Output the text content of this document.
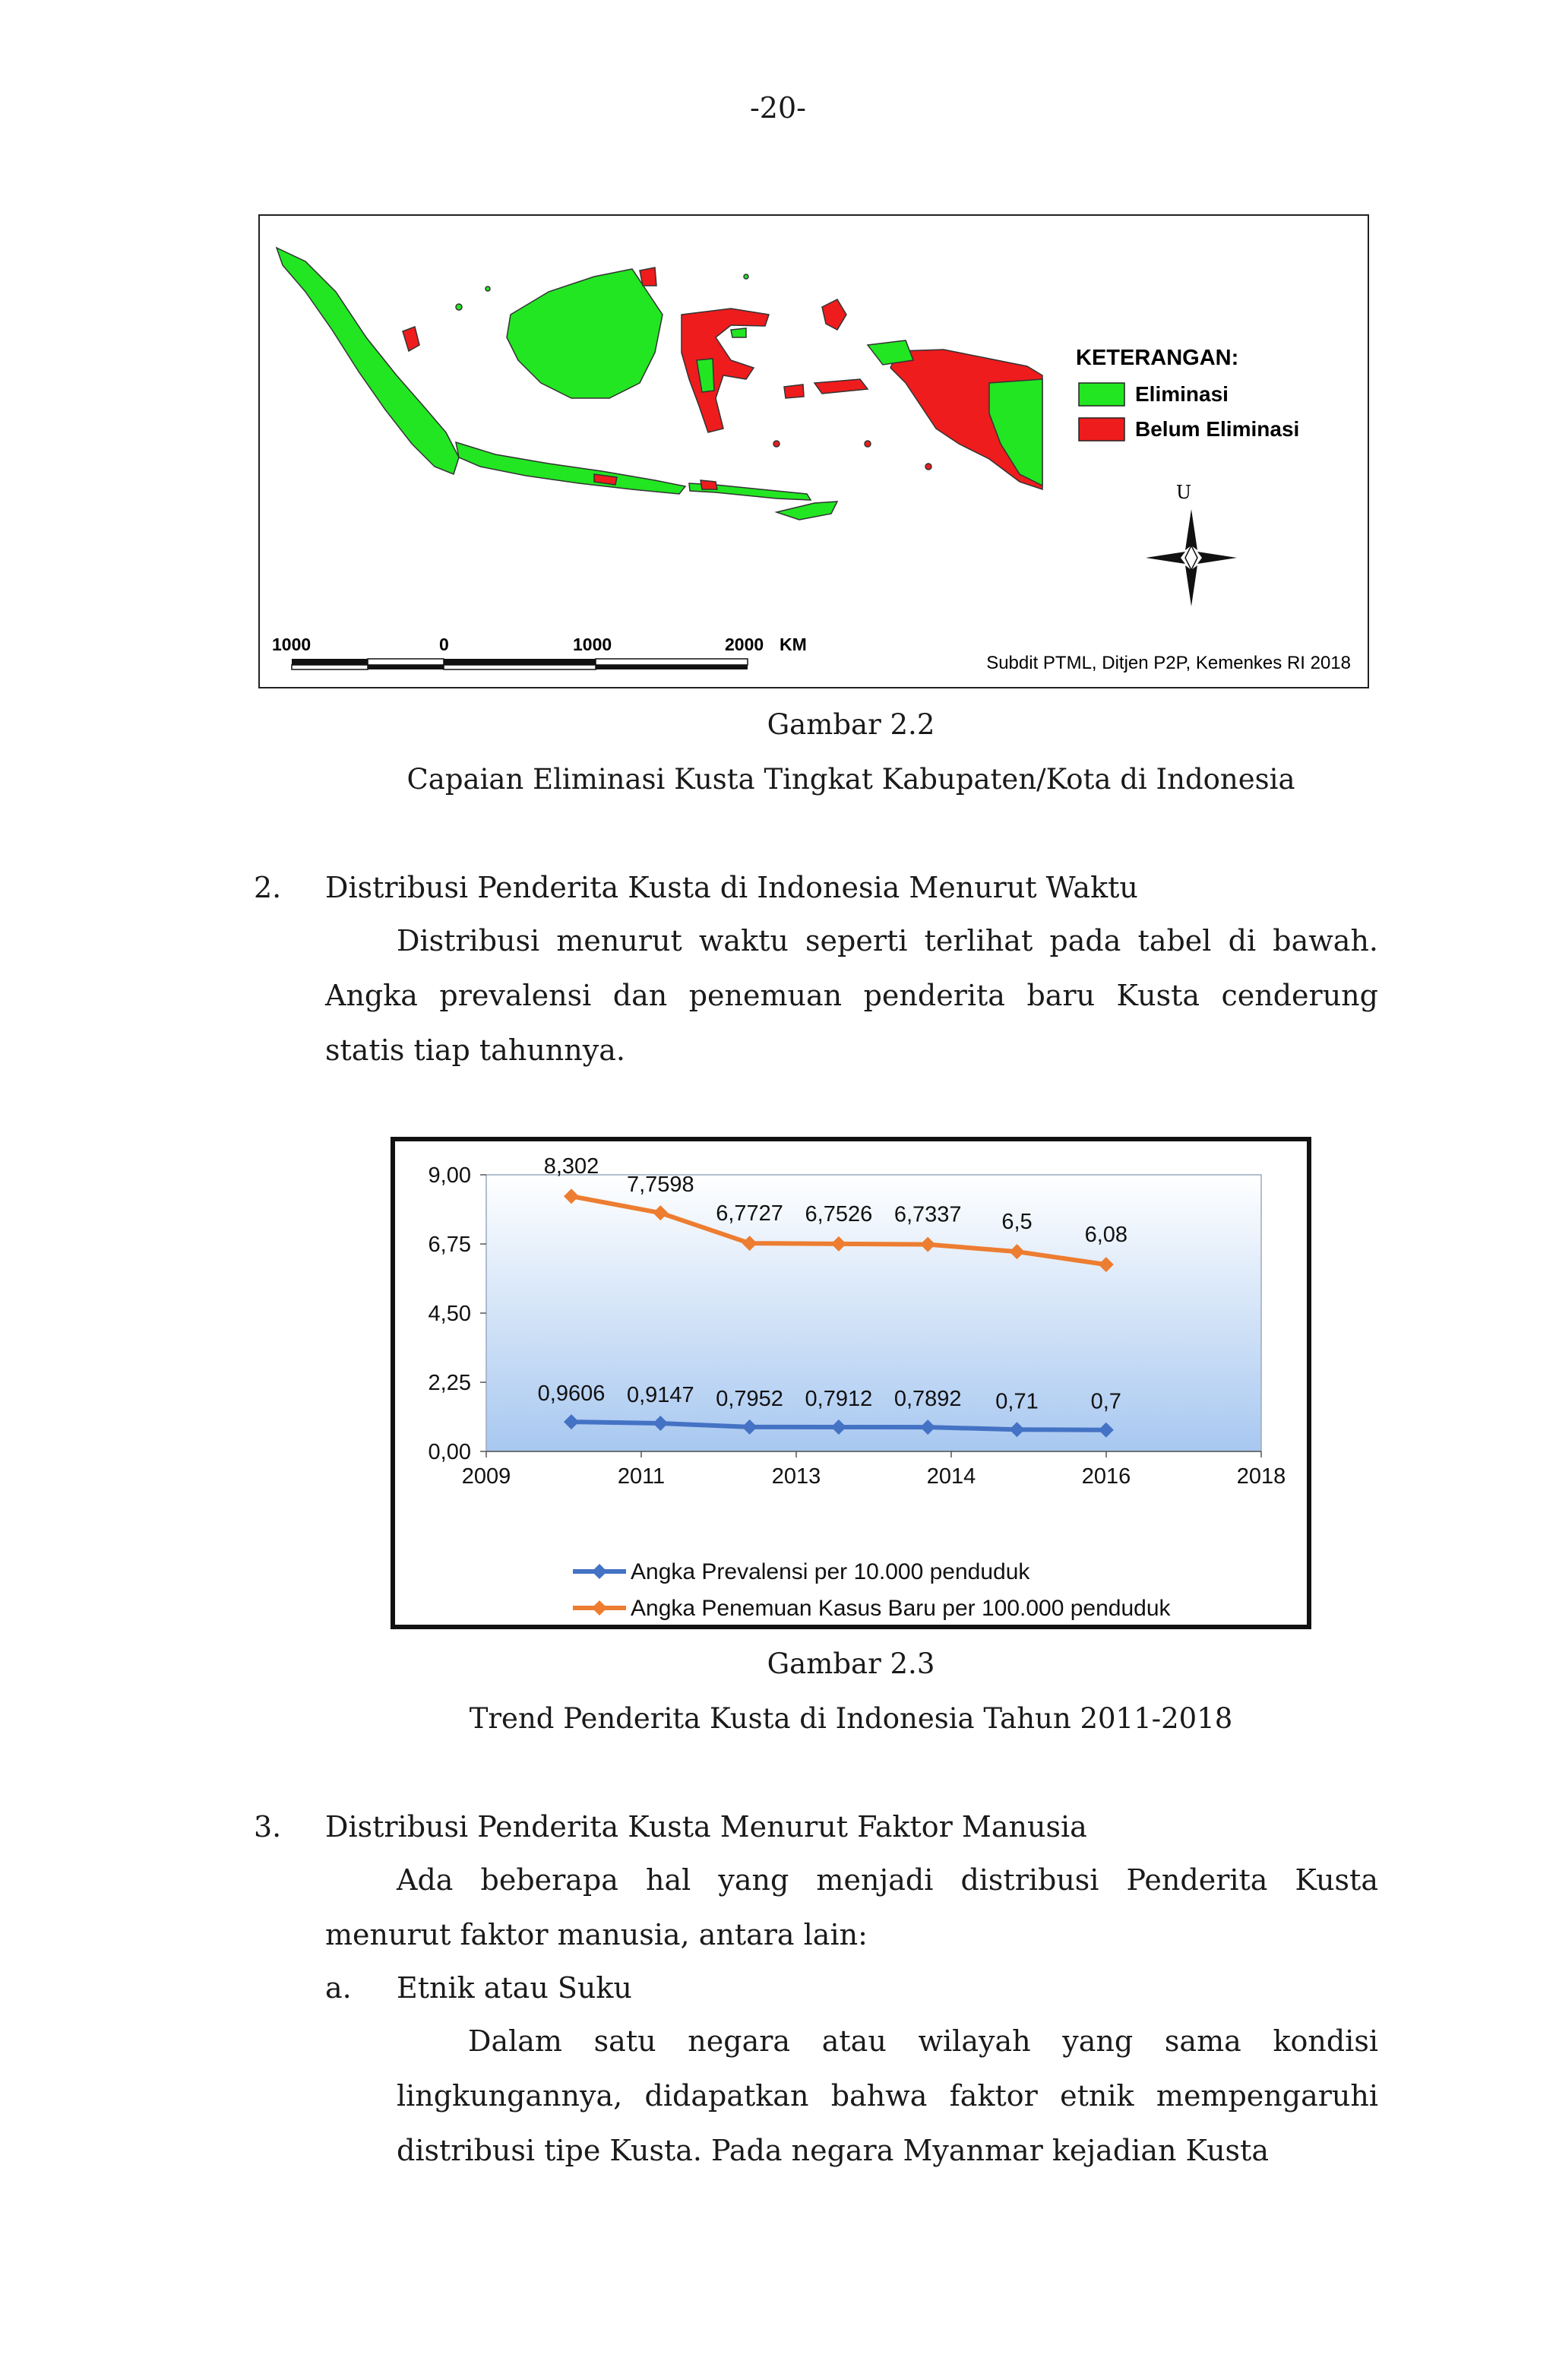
-20-
KETERANGAN:
Eliminasi
Belum Eliminasi
U
1000	0	1000	2000 KM
Subdit PTML, Ditjen P2P, Kemenkes RI 2018
Gambar 2.2
Capaian Eliminasi Kusta Tingkat Kabupaten/Kota di Indonesia
2. Distribusi Penderita Kusta di Indonesia Menurut Waktu
Distribusi menurut waktu seperti terlihat pada tabel di bawah. Angka prevalensi dan penemuan penderita baru Kusta cenderung statis tiap tahunnya.
9,00
6,75
4,50
2,25
0,00
2009	2011	2013	2014	2016	2018
0,9606 0,9147 0,7952 0,7912 0,7892 0,71 0,7
8,302
7,7598
6,7727 6,7526 6,7337 6,5
6,08
Angka Prevalensi per 10.000 penduduk
Angka Penemuan Kasus Baru per 100.000 penduduk
Gambar 2.3
Trend Penderita Kusta di Indonesia Tahun 2011-2018
3. Distribusi Penderita Kusta Menurut Faktor Manusia
Ada beberapa hal yang menjadi distribusi Penderita Kusta menurut faktor manusia, antara lain:
a. Etnik atau Suku
Dalam satu negara atau wilayah yang sama kondisi lingkungannya, didapatkan bahwa faktor etnik mempengaruhi distribusi tipe Kusta. Pada negara Myanmar kejadian Kusta
